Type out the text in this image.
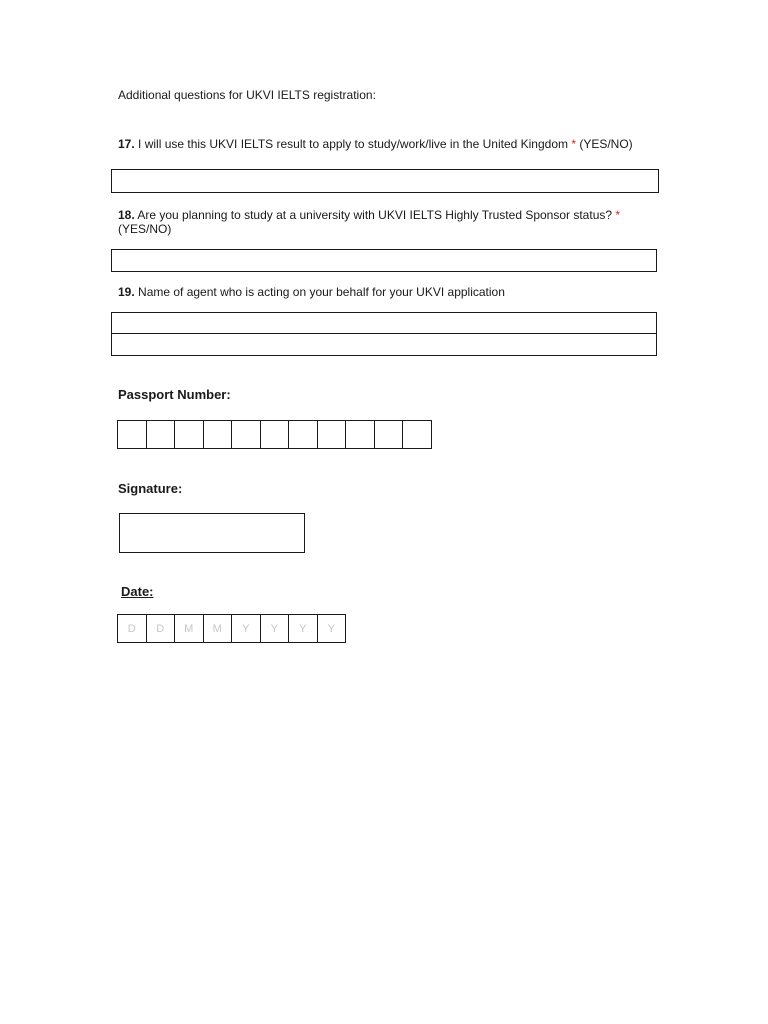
Additional questions for UKVI IELTS registration:
17. I will use this UKVI IELTS result to apply to study/work/live in the United Kingdom * (YES/NO)
18. Are you planning to study at a university with UKVI IELTS Highly Trusted Sponsor status? *
(YES/NO)
19. Name of agent who is acting on your behalf for your UKVI application
Passport Number:
Signature:
Date:
D	D	M	M	Y	Y	Y	Y
